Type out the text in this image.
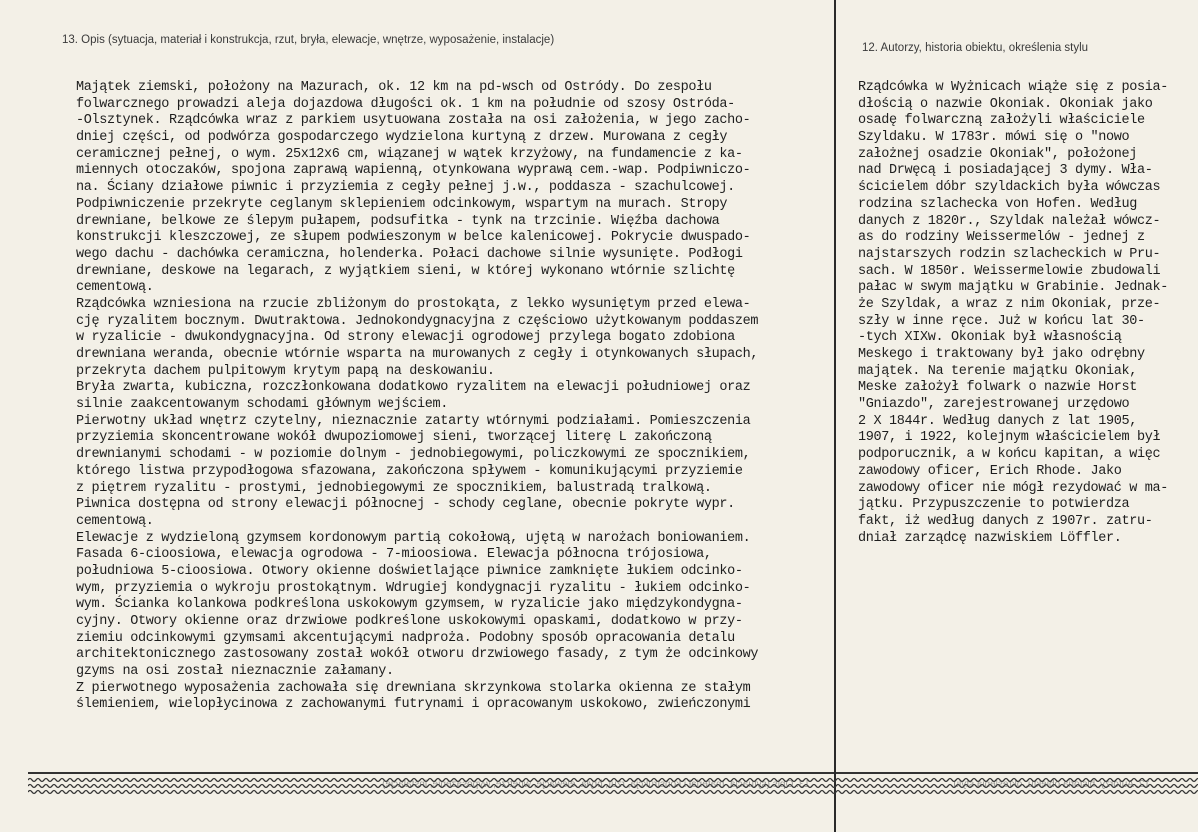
13. Opis (sytuacja, materiał i konstrukcja, rzut, bryła, elewacje, wnętrze, wyposażenie, instalacje)
12. Autorzy, historia obiektu, określenia stylu
Majątek ziemski, położony na Mazurach, ok. 12 km na pd-wsch od Ostródy. Do zespołu
folwarcznego prowadzi aleja dojazdowa długości ok. 1 km na południe od szosy Ostróda-
-Olsztynek. Rządcówka wraz z parkiem usytuowana została na osi założenia, w jego zacho-
dniej części, od podwórza gospodarczego wydzielona kurtyną z drzew. Murowana z cegły
ceramicznej pełnej, o wym. 25x12x6 cm, wiązanej w wątek krzyżowy, na fundamencie z ka-
miennych otoczaków, spojona zaprawą wapienną, otynkowana wyprawą cem.-wap. Podpiwniczo-
na. Ściany działowe piwnic i przyziemia z cegły pełnej j.w., poddasza - szachulcowej.
Podpiwniczenie przekryte ceglanym sklepieniem odcinkowym, wspartym na murach. Stropy
drewniane, belkowe ze ślepym pułapem, podsufitka - tynk na trzcinie. Więźba dachowa
konstrukcji kleszczowej, ze słupem podwieszonym w belce kalenicowej. Pokrycie dwuspado-
wego dachu - dachówka ceramiczna, holenderka. Połaci dachowe silnie wysunięte. Podłogi
drewniane, deskowe na legarach, z wyjątkiem sieni, w której wykonano wtórnie szlichtę
cementową.
Rządcówka wzniesiona na rzucie zbliżonym do prostokąta, z lekko wysuniętym przed elewa-
cję ryzalitem bocznym. Dwutraktowa. Jednokondygnacyjna z częściowo użytkowanym poddaszem
w ryzalicie - dwukondygnacyjna. Od strony elewacji ogrodowej przylega bogato zdobiona
drewniana weranda, obecnie wtórnie wsparta na murowanych z cegły i otynkowanych słupach,
przekryta dachem pulpitowym krytym papą na deskowaniu.
Bryła zwarta, kubiczna, rozczłonkowana dodatkowo ryzalitem na elewacji południowej oraz
silnie zaakcentowanym schodami głównym wejściem.
Pierwotny układ wnętrz czytelny, nieznacznie zatarty wtórnymi podziałami. Pomieszczenia
przyziemia skoncentrowane wokół dwupoziomowej sieni, tworzącej literę L zakończoną
drewnianymi schodami - w poziomie dolnym - jednobiegowymi, policzkowymi ze spocznikiem,
którego listwa przypodłogowa sfazowana, zakończona spływem - komunikującymi przyziemie
z piętrem ryzalitu - prostymi, jednobiegowymi ze spocznikiem, balustradą tralkową.
Piwnica dostępna od strony elewacji północnej - schody ceglane, obecnie pokryte wypr.
cementową.
Elewacje z wydzieloną gzymsem kordonowym partią cokołową, ujętą w narożach boniowaniem.
Fasada 6-cioosiowa, elewacja ogrodowa - 7-mioosiowa. Elewacja północna trójosiowa,
południowa 5-cioosiowa. Otwory okienne doświetlające piwnice zamknięte łukiem odcinko-
wym, przyziemia o wykroju prostokątnym. Wdrugiej kondygnacji ryzalitu - łukiem odcinko-
wym. Ścianka kolankowa podkreślona uskokowym gzymsem, w ryzalicie jako międzykondygna-
cyjny. Otwory okienne oraz drzwiowe podkreślone uskokowymi opaskami, dodatkowo w przy-
ziemiu odcinkowymi gzymsami akcentującymi nadproża. Podobny sposób opracowania detalu
architektonicznego zastosowany został wokół otworu drzwiowego fasady, z tym że odcinkowy
gzyms na osi został nieznacznie załamany.
Z pierwotnego wyposażenia zachowała się drewniana skrzynkowa stolarka okienna ze stałym
ślemieniem, wielopłycinowa z zachowanymi futrynami i opracowanym uskokowo, zwieńczonymi
Rządcówka w Wyżnicach wiąże się z posia-
dłością o nazwie Okoniak. Okoniak jako
osadę folwarczną założyli właściciele
Szyldaku. W 1783r. mówi się o "nowo
założnej osadzie Okoniak", położonej
nad Drwęcą i posiadającej 3 dymy. Wła-
ścicielem dóbr szyldackich była wówczas
rodzina szlachecka von Hofen. Według
danych z 1820r., Szyldak należał wówcz-
as do rodziny Weissermelów - jednej z
najstarszych rodzin szlacheckich w Pru-
sach. W 1850r. Weissermelowie zbudowali
pałac w swym majątku w Grabinie. Jednak-
że Szyldak, a wraz z nim Okoniak, prze-
szły w inne ręce. Już w końcu lat 30-
-tych XIXw. Okoniak był własnością
Meskego i traktowany był jako odrębny
majątek. Na terenie majątku Okoniak,
Meske założył folwark o nazwie Horst
"Gniazdo", zarejestrowanej urzędowo
2 X 1844r. Według danych z lat 1905,
1907, i 1922, kolejnym właścicielem był
podporucznik, a w końcu kapitan, a więc
zawodowy oficer, Erich Rhode. Jako
zawodowy oficer nie mógł rezydować w ma-
jątku. Przypuszczenie to potwierdza
fakt, iż według danych z 1907r. zatru-
dniał zarządcę nazwiskiem Löffler.
13. Opis (sytuacja, materiał i konstrukcja, rzut, bryła, elewacje, wnętrze, wyposażenie, instalacje)	12. Autorzy, historia obiektu, określenia stylu
